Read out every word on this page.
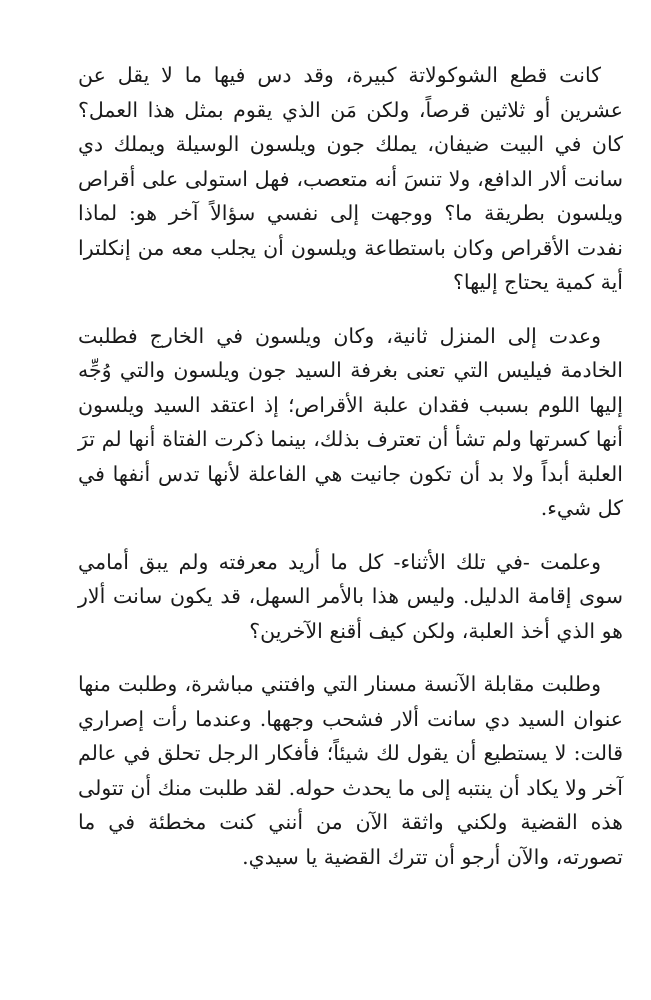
كانت قطع الشوكولاتة كبيرة، وقد دس فيها ما لا يقل عن عشرين أو ثلاثين قرصاً، ولكن مَن الذي يقوم بمثل هذا العمل؟ كان في البيت ضيفان، يملك جون ويلسون الوسيلة ويملك دي سانت ألار الدافع، ولا تنسَ أنه متعصب، فهل استولى على أقراص ويلسون بطريقة ما؟ ووجهت إلى نفسي سؤالاً آخر هو: لماذا نفدت الأقراص وكان باستطاعة ويلسون أن يجلب معه من إنكلترا أية كمية يحتاج إليها؟

وعدت إلى المنزل ثانية، وكان ويلسون في الخارج فطلبت الخادمة فيليس التي تعنى بغرفة السيد جون ويلسون والتي وُجِّه إليها اللوم بسبب فقدان علبة الأقراص؛ إذ اعتقد السيد ويلسون أنها كسرتها ولم تشأ أن تعترف بذلك، بينما ذكرت الفتاة أنها لم ترَ العلبة أبداً ولا بد أن تكون جانيت هي الفاعلة لأنها تدس أنفها في كل شيء.

وعلمت -في تلك الأثناء- كل ما أريد معرفته ولم يبق أمامي سوى إقامة الدليل. وليس هذا بالأمر السهل، قد يكون سانت ألار هو الذي أخذ العلبة، ولكن كيف أقنع الآخرين؟

وطلبت مقابلة الآنسة مسنار التي وافتني مباشرة، وطلبت منها عنوان السيد دي سانت ألار فشحب وجهها. وعندما رأت إصراري قالت: لا يستطيع أن يقول لك شيئاً؛ فأفكار الرجل تحلق في عالم آخر ولا يكاد أن ينتبه إلى ما يحدث حوله. لقد طلبت منك أن تتولى هذه القضية ولكني واثقة الآن من أنني كنت مخطئة في ما تصورته، والآن أرجو أن تترك القضية يا سيدي.
